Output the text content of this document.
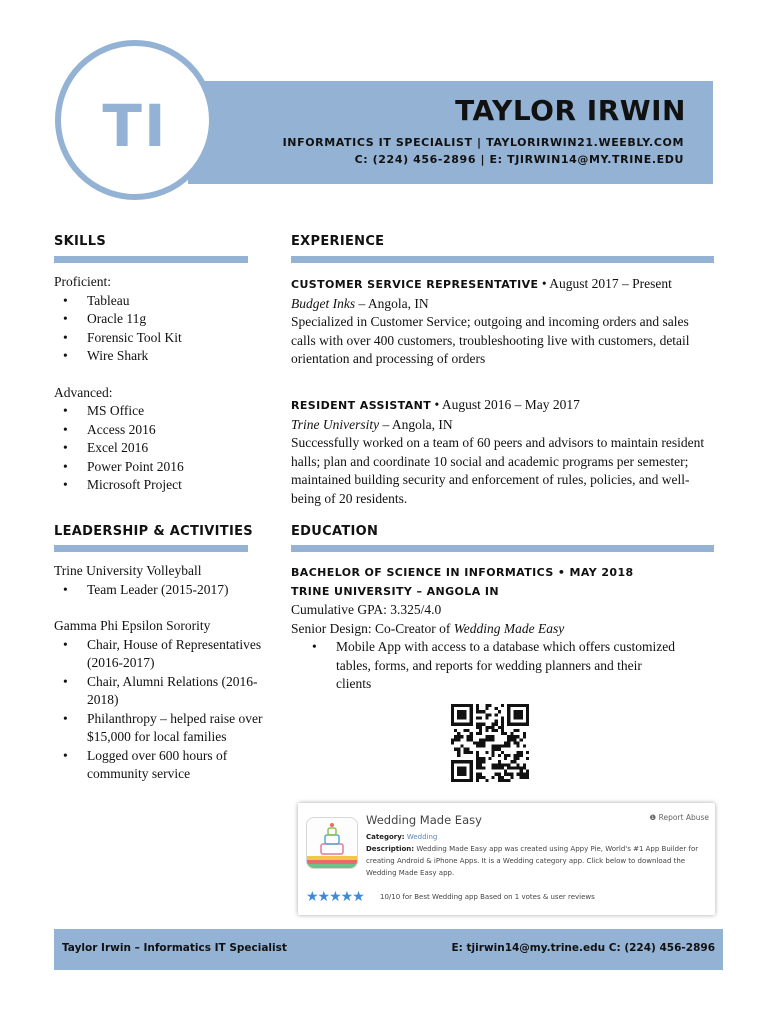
TI	TAYLOR IRWIN
INFORMATICS IT SPECIALIST | TAYLORIRWIN21.WEEBLY.COM
C: (224) 456-2896 | E: TJIRWIN14@MY.TRINE.EDU
SKILLS
Proficient:
• Tableau
• Oracle 11g
• Forensic Tool Kit
• Wire Shark
Advanced:
• MS Office
• Access 2016
• Excel 2016
• Power Point 2016
• Microsoft Project
LEADERSHIP & ACTIVITIES
Trine University Volleyball
• Team Leader (2015-2017)
Gamma Phi Epsilon Sorority
• Chair, House of Representatives (2016-2017)
• Chair, Alumni Relations (2016-2018)
• Philanthropy – helped raise over $15,000 for local families
• Logged over 600 hours of community service
EXPERIENCE
CUSTOMER SERVICE REPRESENTATIVE • August 2017 – Present
Budget Inks – Angola, IN
Specialized in Customer Service; outgoing and incoming orders and sales calls with over 400 customers, troubleshooting live with customers, detail orientation and processing of orders
RESIDENT ASSISTANT • August 2016 – May 2017
Trine University – Angola, IN
Successfully worked on a team of 60 peers and advisors to maintain resident halls; plan and coordinate 10 social and academic programs per semester; maintained building security and enforcement of rules, policies, and well-being of 20 residents.
EDUCATION
BACHELOR OF SCIENCE IN INFORMATICS • MAY 2018
TRINE UNIVERSITY – ANGOLA IN
Cumulative GPA: 3.325/4.0
Senior Design: Co-Creator of Wedding Made Easy
• Mobile App with access to a database which offers customized tables, forms, and reports for wedding planners and their clients
Wedding Made Easy	❶ Report Abuse
Category: Wedding
Description: Wedding Made Easy app was created using Appy Pie, World's #1 App Builder for creating Android & iPhone Apps. It is a Wedding category app. Click below to download the Wedding Made Easy app.
★★★★★ 10/10 for Best Wedding app Based on 1 votes & user reviews
Taylor Irwin – Informatics IT Specialist	E: tjirwin14@my.trine.edu C: (224) 456-2896
